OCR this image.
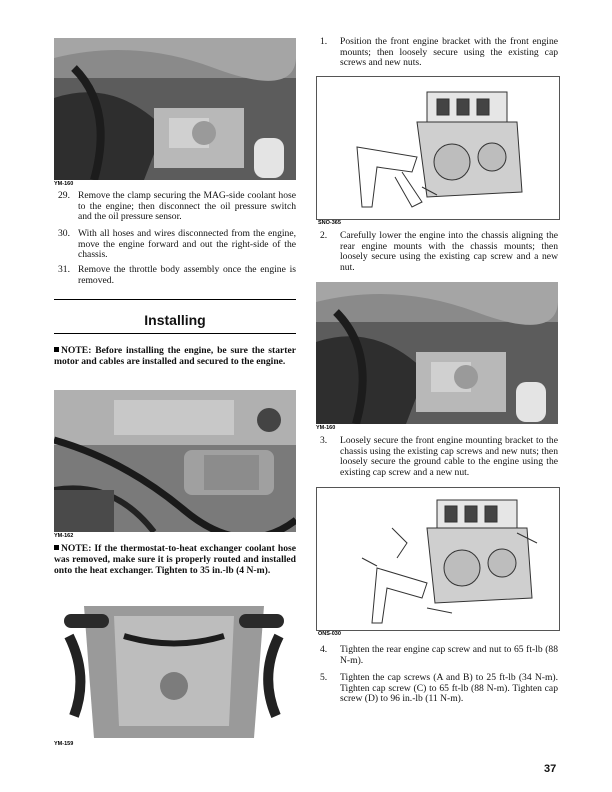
YM-160
29. Remove the clamp securing the MAG-side coolant hose to the engine; then disconnect the oil pressure switch and the oil pressure sensor.
30. With all hoses and wires disconnected from the engine, move the engine forward and out the right-side of the chassis.
31. Remove the throttle body assembly once the engine is removed.
Installing
NOTE: Before installing the engine, be sure the starter motor and cables are installed and secured to the engine.
YM-162
NOTE: If the thermostat-to-heat exchanger coolant hose was removed, make sure it is properly routed and installed onto the heat exchanger. Tighten to 35 in.-lb (4 N-m).
YM-159
1. Position the front engine bracket with the front engine mounts; then loosely secure using the existing cap screws and new nuts.
SNO-365
2. Carefully lower the engine into the chassis aligning the rear engine mounts with the chassis mounts; then loosely secure using the existing cap screw and a new nut.
YM-160
3. Loosely secure the front engine mounting bracket to the chassis using the existing cap screws and new nuts; then loosely secure the ground cable to the engine using the existing cap screw and a new nut.
ONS-030
4. Tighten the rear engine cap screw and nut to 65 ft-lb (88 N-m).
5. Tighten the cap screws (A and B) to 25 ft-lb (34 N-m). Tighten cap screw (C) to 65 ft-lb (88 N-m). Tighten cap screw (D) to 96 in.-lb (11 N-m).
37
